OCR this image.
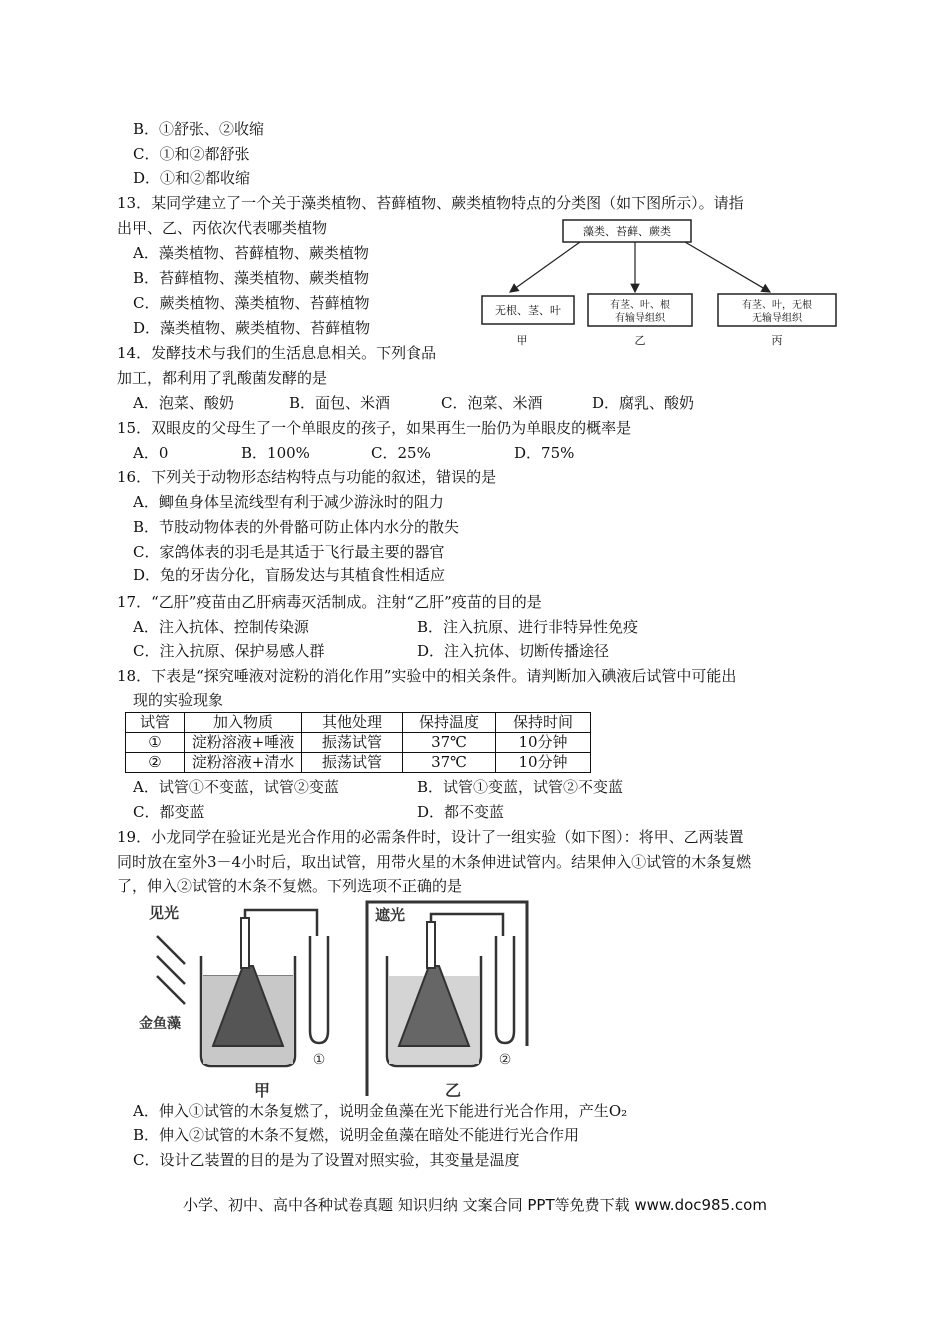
B．①舒张、②收缩
C．①和②都舒张
D．①和②都收缩
13．某同学建立了一个关于藻类植物、苔藓植物、蕨类植物特点的分类图（如下图所示）。请指
出甲、乙、丙依次代表哪类植物
A．藻类植物、苔藓植物、蕨类植物
B．苔藓植物、藻类植物、蕨类植物
C．蕨类植物、藻类植物、苔藓植物
D．藻类植物、蕨类植物、苔藓植物
藻类、苔藓、蕨类
无根、茎、叶	有茎、叶、根
有输导组织
有茎、叶，无根
无输导组织
甲	乙	丙
14．发酵技术与我们的生活息息相关。下列食品
加工，都利用了乳酸菌发酵的是
A．泡菜、酸奶	B．面包、米酒	C．泡菜、米酒	D．腐乳、酸奶
15．双眼皮的父母生了一个单眼皮的孩子，如果再生一胎仍为单眼皮的概率是
A．0	B．100%	C．25%	D．75%
16．下列关于动物形态结构特点与功能的叙述，错误的是
A．鲫鱼身体呈流线型有利于减少游泳时的阻力
B．节肢动物体表的外骨骼可防止体内水分的散失
C．家鸽体表的羽毛是其适于飞行最主要的器官
D．兔的牙齿分化，盲肠发达与其植食性相适应
17．“乙肝”疫苗由乙肝病毒灭活制成。注射“乙肝”疫苗的目的是
A．注入抗体、控制传染源	B．注入抗原、进行非特异性免疫
C．注入抗原、保护易感人群	D．注入抗体、切断传播途径
18．下表是“探究唾液对淀粉的消化作用”实验中的相关条件。请判断加入碘液后试管中可能出
现的实验现象
试管	加入物质	其他处理	保持温度	保持时间
①	淀粉溶液+唾液	振荡试管	37℃	10分钟
②	淀粉溶液+清水	振荡试管	37℃	10分钟
A．试管①不变蓝，试管②变蓝	B．试管①变蓝，试管②不变蓝
C．都变蓝	D．都不变蓝
19．小龙同学在验证光是光合作用的必需条件时，设计了一组实验（如下图）：将甲、乙两装置
同时放在室外3－4小时后，取出试管，用带火星的木条伸进试管内。结果伸入①试管的木条复燃
了，伸入②试管的木条不复燃。下列选项不正确的是
见光
金鱼藻
①
甲
遮光
②
乙
A．伸入①试管的木条复燃了，说明金鱼藻在光下能进行光合作用，产生O₂
B．伸入②试管的木条不复燃，说明金鱼藻在暗处不能进行光合作用
C．设计乙装置的目的是为了设置对照实验，其变量是温度
小学、初中、高中各种试卷真题 知识归纳 文案合同 PPT等免费下载 www.doc985.com
